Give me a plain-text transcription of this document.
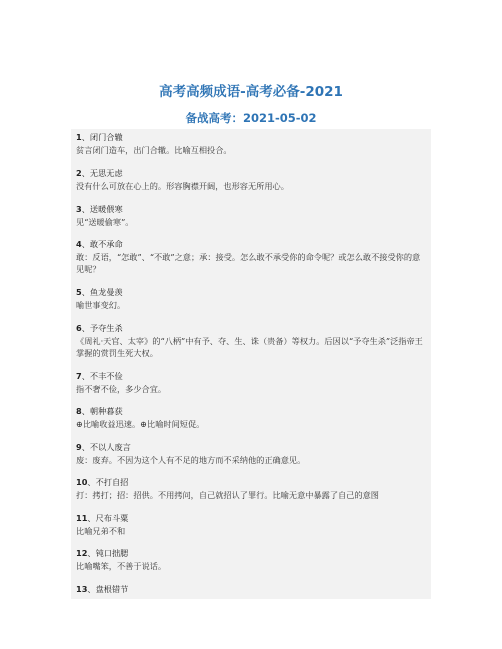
高考高频成语-高考必备-2021
备战高考：2021-05-02
1、闭门合辙
贫言闭门造车，出门合辙。比喻互相投合。
2、无思无虑
没有什么可放在心上的。形容胸襟开阔，也形容无所用心。
3、送暖偎寒
见“送暖偷寒”。
4、敢不承命
敢：反语，“怎敢”、“不敢”之意；承：接受。怎么敢不承受你的命令呢？或怎么敢不接受你的意见呢？
5、鱼龙曼羡
喻世事变幻。
6、予夺生杀
《周礼·天官、太宰》的“八柄”中有予、夺、生、诛（贵备）等权力。后因以“予夺生杀”泛指帝王掌握的赏罚生死大权。
7、不丰不俭
指不奢不俭，多少合宜。
8、朝种暮获
⊕比喻收益迅速。⊕比喻时间短促。
9、不以人废言
废：废弃。不因为这个人有不足的地方而不采纳他的正确意见。
10、不打自招
打：拷打；招：招供。不用拷问，自己就招认了罪行。比喻无意中暴露了自己的意图
11、尺布斗粟
比喻兄弟不和
12、钝口拙腮
比喻嘴笨，不善于说话。
13、盘根错节
